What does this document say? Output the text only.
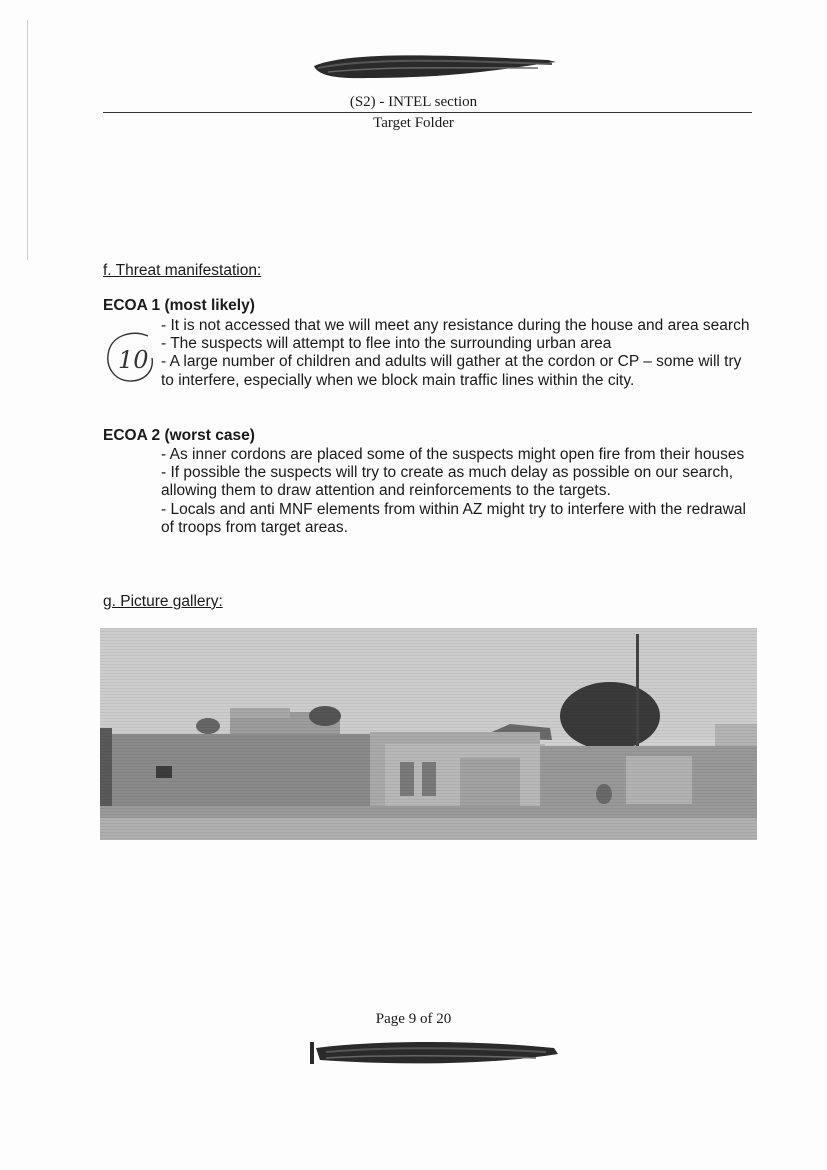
(S2) - INTEL section
Target Folder
f. Threat manifestation:
ECOA 1 (most likely)
10

- It is not accessed that we will meet any resistance during the house and area search

- The suspects will attempt to flee into the surrounding urban area

- A large number of children and adults will gather at the cordon or CP – some will try to interfere, especially when we block main traffic lines within the city.

ECOA 2 (worst case)

- As inner cordons are placed some of the suspects might open fire from their houses

- If possible the suspects will try to create as much delay as possible on our search, allowing them to draw attention and reinforcements to the targets.

- Locals and anti MNF elements from within AZ might try to interfere with the redrawal of troops from target areas.

g. Picture gallery:
Page 9 of 20
